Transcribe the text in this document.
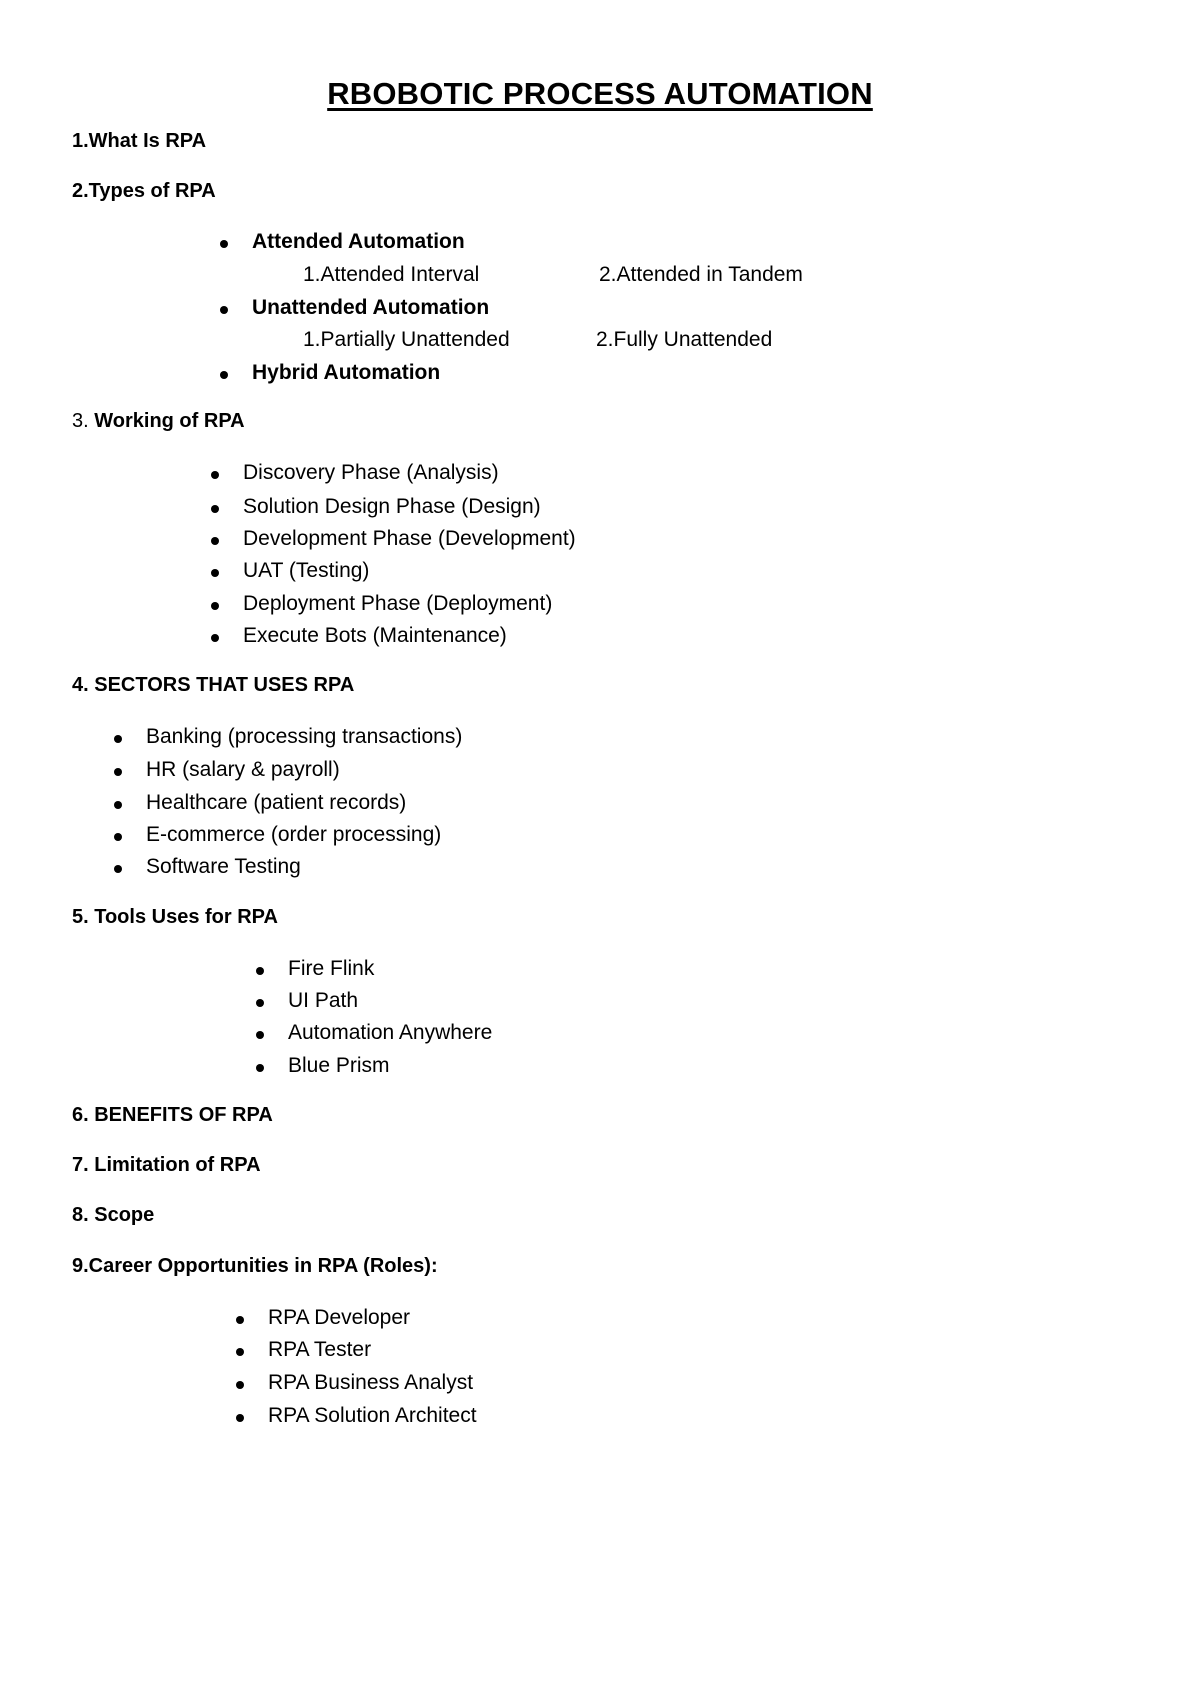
RBOBOTIC PROCESS AUTOMATION
1.What Is RPA
2.Types of RPA
Attended Automation
1.Attended Interval	2.Attended in Tandem
Unattended Automation
1.Partially Unattended	2.Fully Unattended
Hybrid Automation
3. Working of RPA
Discovery Phase (Analysis)
Solution Design Phase (Design)
Development Phase (Development)
UAT (Testing)
Deployment Phase (Deployment)
Execute Bots (Maintenance)
4. SECTORS THAT USES RPA
Banking (processing transactions)
HR (salary & payroll)
Healthcare (patient records)
E-commerce (order processing)
Software Testing
5. Tools Uses for RPA
Fire Flink
UI Path
Automation Anywhere
Blue Prism
6. BENEFITS OF RPA
7. Limitation of RPA
8. Scope
9.Career Opportunities in RPA (Roles):
RPA Developer
RPA Tester
RPA Business Analyst
RPA Solution Architect
